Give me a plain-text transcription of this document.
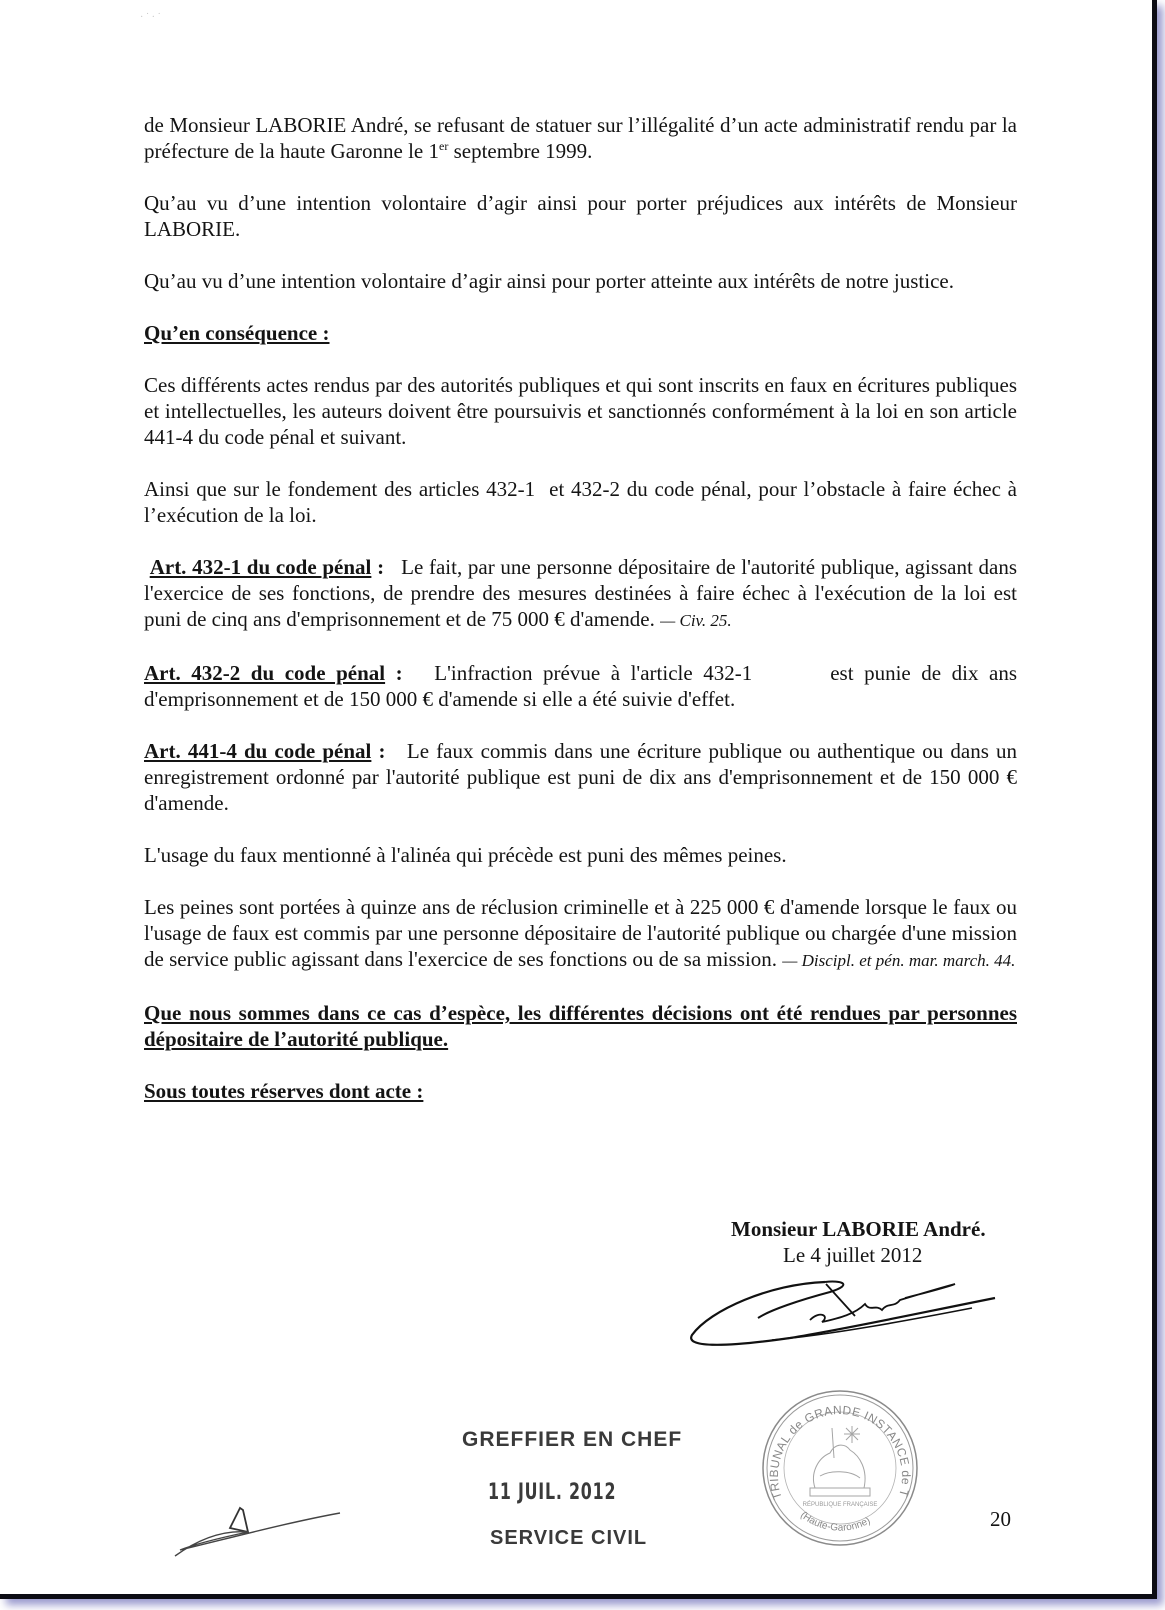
· ˙ · ˙

de Monsieur LABORIE André, se refusant de statuer sur l’illégalité d’un acte administratif rendu par la préfecture de la haute Garonne le 1er septembre 1999.

Qu’au vu d’une intention volontaire d’agir ainsi pour porter préjudices aux intérêts de Monsieur LABORIE.

Qu’au vu d’une intention volontaire d’agir ainsi pour porter atteinte aux intérêts de notre justice.

Qu’en conséquence :

Ces différents actes rendus par des autorités publiques et qui sont inscrits en faux en écritures publiques et intellectuelles, les auteurs doivent être poursuivis et sanctionnés conformément à la loi en son article 441-4 du code pénal et suivant.

Ainsi que sur le fondement des articles 432-1 et 432-2 du code pénal, pour l’obstacle à faire échec à l’exécution de la loi.

Art. 432-1 du code pénal : Le fait, par une personne dépositaire de l'autorité publique, agissant dans l'exercice de ses fonctions, de prendre des mesures destinées à faire échec à l'exécution de la loi est puni de cinq ans d'emprisonnement et de 75 000 € d'amende. — Civ. 25.

Art. 432-2 du code pénal : L'infraction prévue à l'article 432-1	est punie de dix ans d'emprisonnement et de 150 000 € d'amende si elle a été suivie d'effet.

Art. 441-4 du code pénal : Le faux commis dans une écriture publique ou authentique ou dans un enregistrement ordonné par l'autorité publique est puni de dix ans d'emprisonnement et de 150 000 € d'amende.

L'usage du faux mentionné à l'alinéa qui précède est puni des mêmes peines.

Les peines sont portées à quinze ans de réclusion criminelle et à 225 000 € d'amende lorsque le faux ou l'usage de faux est commis par une personne dépositaire de l'autorité publique ou chargée d'une mission de service public agissant dans l'exercice de ses fonctions ou de sa mission. — Discipl. et pén. mar. march. 44.

Que nous sommes dans ce cas d’espèce, les différentes décisions ont été rendues par personnes dépositaire de l’autorité publique.

Sous toutes réserves dont acte :

Monsieur LABORIE André.
Le 4 juillet 2012
GREFFIER EN CHEF
11 JUIL. 2012
SERVICE CIVIL
TRIBUNAL de GRANDE INSTANCE de TOULOUSE
(Haute-Garonne)
RÉPUBLIQUE FRANÇAISE
20
